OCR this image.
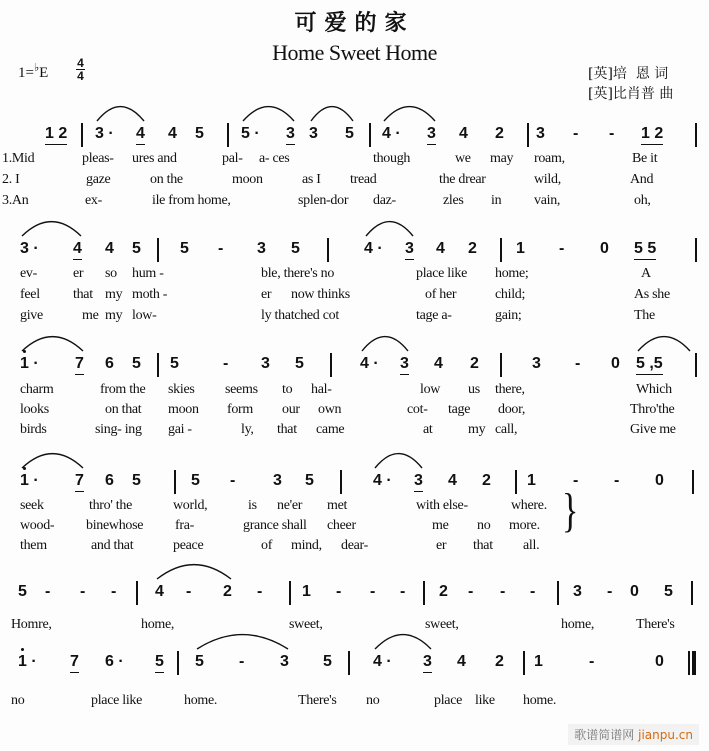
可爱的家
Home Sweet Home
1=♭E

4
4

	[英]培  恩 词
[英]比肖普 曲
}
歌谱简谱网 jianpu.cn
1 2 3 · 4 4 5 5 · 3 3 5 4 · 3 4 2 3 - - 1 2
1.Mid	pleas- ures and	pal- a- ces	though	we may roam,	Be it
2. I	gaze	on the	moon	as I tread	the drear	wild,	And
3.An	ex-	ile from home,	splen-dor daz-	zles in vain,	oh,
3 · 4 4 5 5 - 3 5	4 · 3 4 2 1 - 0 5 5
ev-	er so hum -	ble, there's no	place like home;	A
feel that my moth -	er now thinks	of her	child;	As she
give	me my low-	ly thatched cot	tage a-	gain;	The
1 · 7 6 5 5	- 3 5	4 · 3 4 2	3 - 0 5 ,5
charm	from the skies seems to hal-	low us there,	Which
looks	on that moon form our own	cot- tage door,	Thro'the
birds	sing- ing gai -	ly, that came	at	my call,	Give me
1 · 7 6 5	5 - 3 5	4 · 3 4 2 1 - - 0
seek	thro' the	world,	is ne'er met	with else-	where.
wood- binewhose fra-	grance shall cheer	me no more.
them	and that	peace	of mind, dear-	er that all.
5 - - - 4 - 2 - 1 - - - 2 - - - 3 - 0 5
Homre,	home,	sweet,	sweet,	home,	There's
1 · 7 6 · 5 5 - 3 5	4 · 3 4 2 1	-	0
no	place like	home.	There's no	place like home.
